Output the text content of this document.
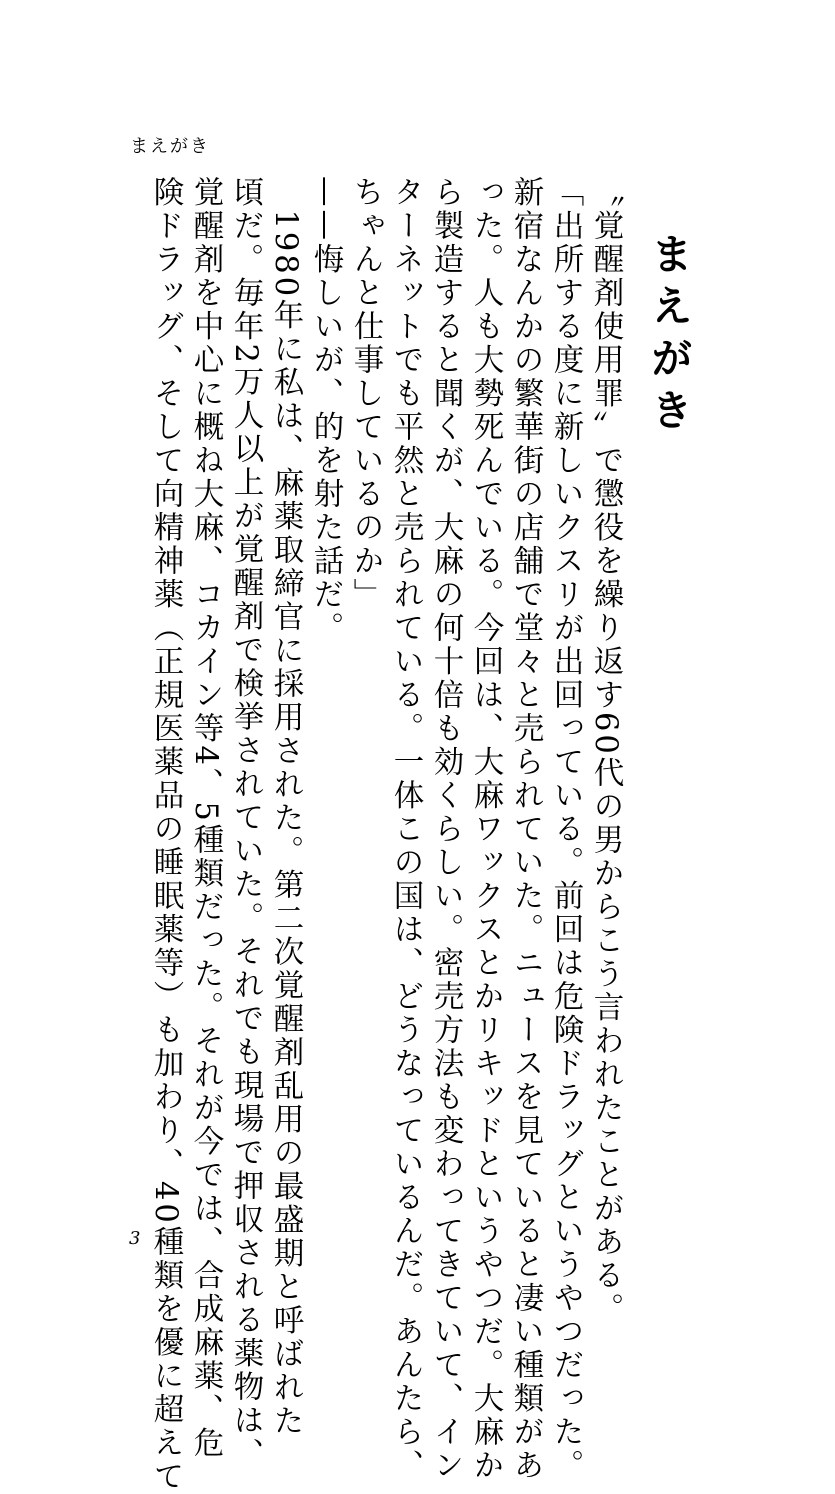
まえがき
まえがき
〝覚醒剤使用罪〟で懲役を繰り返す60代の男からこう言われたことがある。
「出所する度に新しいクスリが出回っている。前回は危険ドラッグというやつだった。
新宿なんかの繁華街の店舗で堂々と売られていた。ニュースを見ていると凄い種類があ
った。人も大勢死んでいる。今回は、大麻ワックスとかリキッドというやつだ。大麻か
ら製造すると聞くが、大麻の何十倍も効くらしい。密売方法も変わってきていて、イン
ターネットでも平然と売られている。一体この国は、どうなっているんだ。あんたら、
ちゃんと仕事しているのか」
——悔しいが、的を射た話だ。
　1980年に私は、麻薬取締官に採用された。第二次覚醒剤乱用の最盛期と呼ばれた
頃だ。毎年2万人以上が覚醒剤で検挙されていた。それでも現場で押収される薬物は、
覚醒剤を中心に概ね大麻、コカイン等4、5種類だった。それが今では、合成麻薬、危
険ドラッグ、そして向精神薬（正規医薬品の睡眠薬等）も加わり、40種類を優に超えて
3
